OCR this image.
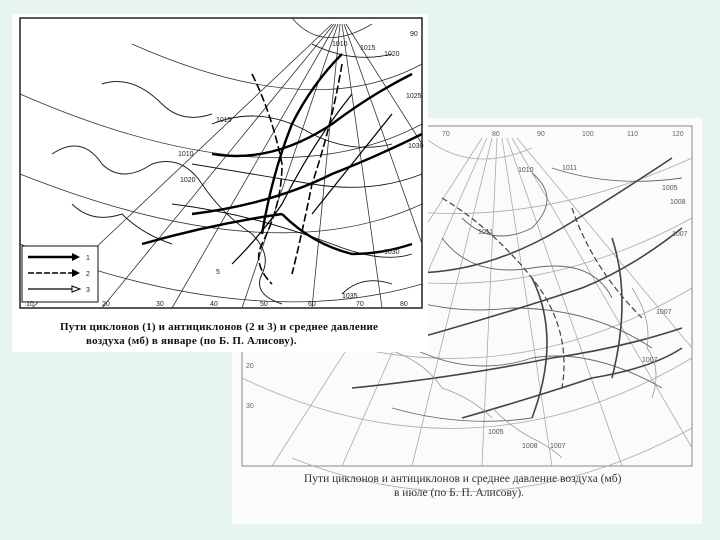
20
30
70	80	90	100	110	120
1010	1011
1005
1008
1007
1011
1007
1007
1005
1008 1007
Пути циклонов и антициклонов и среднее давление воздуха (мб)
в июле (по Б. П. Алисову).
1
2
3
10	20	30	40	50	60	70	80
90
1010
1015
1020
1025
1030
1015
1010
1020
1030
1035
5
Пути циклонов (1) и антициклонов (2 и 3) и среднее давление
воздуха (мб) в январе (по Б. П. Алисову).
